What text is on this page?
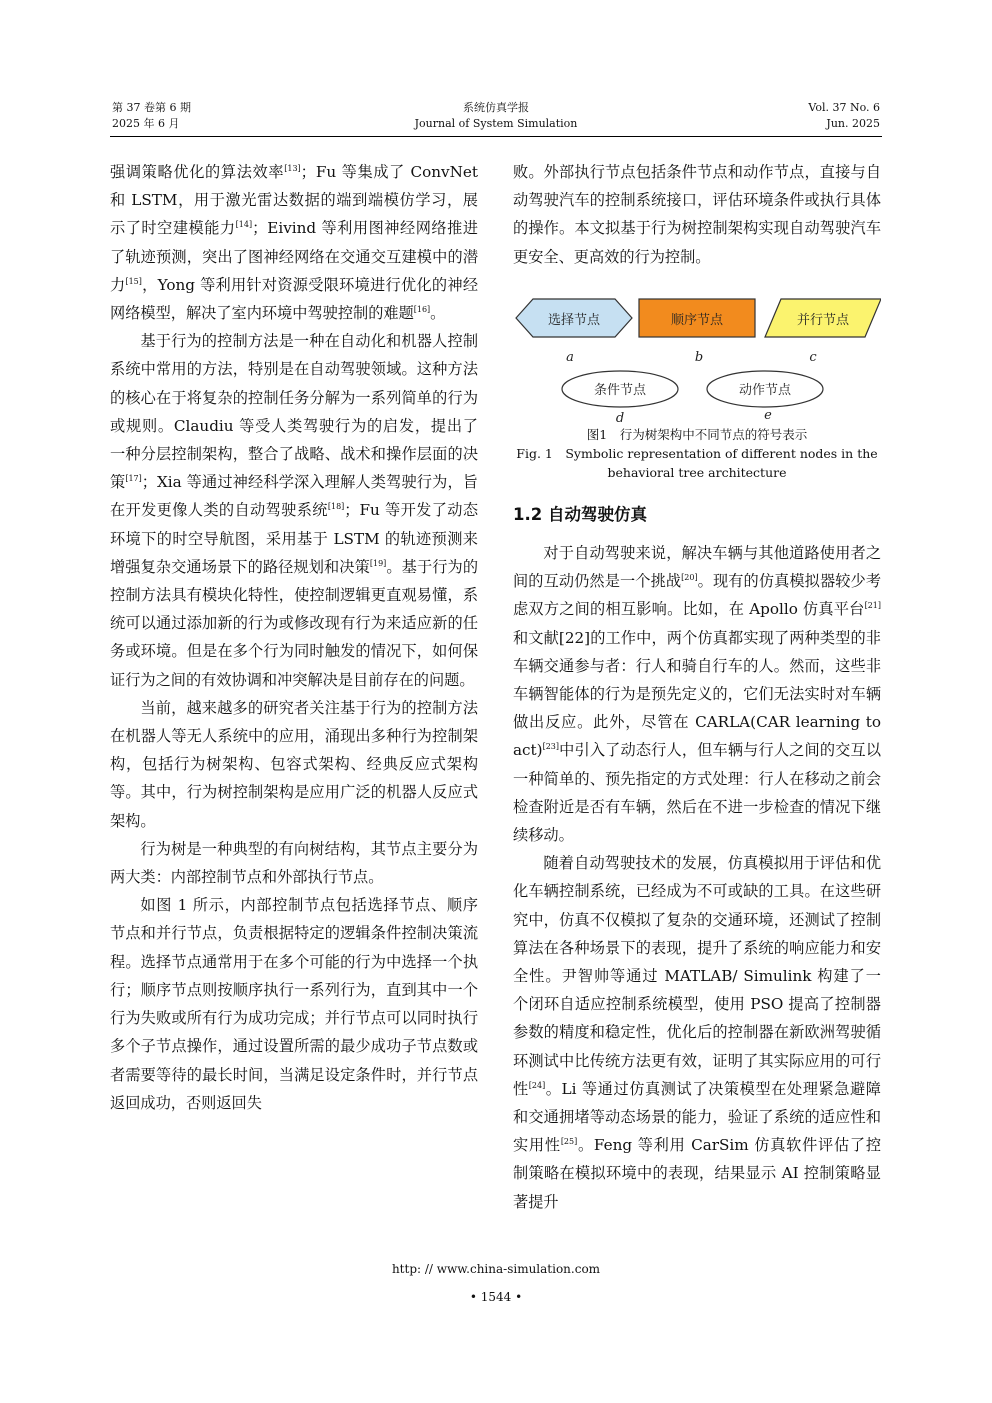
第 37 卷第 6 期
2025 年 6 月
系统仿真学报
Journal of System Simulation
Vol. 37 No. 6
Jun. 2025

强调策略优化的算法效率[13]；Fu 等集成了 ConvNet 和 LSTM，用于激光雷达数据的端到端模仿学习，展示了时空建模能力[14]；Eivind 等利用图神经网络推进了轨迹预测，突出了图神经网络在交通交互建模中的潜力[15]，Yong 等利用针对资源受限环境进行优化的神经网络模型，解决了室内环境中驾驶控制的难题[16]。

基于行为的控制方法是一种在自动化和机器人控制系统中常用的方法，特别是在自动驾驶领域。这种方法的核心在于将复杂的控制任务分解为一系列简单的行为或规则。Claudiu 等受人类驾驶行为的启发，提出了一种分层控制架构，整合了战略、战术和操作层面的决策[17]；Xia 等通过神经科学深入理解人类驾驶行为，旨在开发更像人类的自动驾驶系统[18]；Fu 等开发了动态环境下的时空导航图，采用基于 LSTM 的轨迹预测来增强复杂交通场景下的路径规划和决策[19]。基于行为的控制方法具有模块化特性，使控制逻辑更直观易懂，系统可以通过添加新的行为或修改现有行为来适应新的任务或环境。但是在多个行为同时触发的情况下，如何保证行为之间的有效协调和冲突解决是目前存在的问题。

当前，越来越多的研究者关注基于行为的控制方法在机器人等无人系统中的应用，涌现出多种行为控制架构，包括行为树架构、包容式架构、经典反应式架构等。其中，行为树控制架构是应用广泛的机器人反应式架构。

行为树是一种典型的有向树结构，其节点主要分为两大类：内部控制节点和外部执行节点。

如图 1 所示，内部控制节点包括选择节点、顺序节点和并行节点，负责根据特定的逻辑条件控制决策流程。选择节点通常用于在多个可能的行为中选择一个执行；顺序节点则按顺序执行一系列行为，直到其中一个行为失败或所有行为成功完成；并行节点可以同时执行多个子节点操作，通过设置所需的最少成功子节点数或者需要等待的最长时间，当满足设定条件时，并行节点返回成功，否则返回失

败。外部执行节点包括条件节点和动作节点，直接与自动驾驶汽车的控制系统接口，评估环境条件或执行具体的操作。本文拟基于行为树控制架构实现自动驾驶汽车更安全、更高效的行为控制。

选择节点	顺序节点	并行节点
a	b	c
条件节点	动作节点
d	e
图1　行为树架构中不同节点的符号表示
Fig. 1　Symbolic representation of different nodes in the
behavioral tree architecture
1.2 自动驾驶仿真

对于自动驾驶来说，解决车辆与其他道路使用者之间的互动仍然是一个挑战[20]。现有的仿真模拟器较少考虑双方之间的相互影响。比如，在 Apollo 仿真平台[21]和文献[22]的工作中，两个仿真都实现了两种类型的非车辆交通参与者：行人和骑自行车的人。然而，这些非车辆智能体的行为是预先定义的，它们无法实时对车辆做出反应。此外，尽管在 CARLA(CAR learning to act)[23]中引入了动态行人，但车辆与行人之间的交互以一种简单的、预先指定的方式处理：行人在移动之前会检查附近是否有车辆，然后在不进一步检查的情况下继续移动。

随着自动驾驶技术的发展，仿真模拟用于评估和优化车辆控制系统，已经成为不可或缺的工具。在这些研究中，仿真不仅模拟了复杂的交通环境，还测试了控制算法在各种场景下的表现，提升了系统的响应能力和安全性。尹智帅等通过 MATLAB/ Simulink 构建了一个闭环自适应控制系统模型，使用 PSO 提高了控制器参数的精度和稳定性，优化后的控制器在新欧洲驾驶循环测试中比传统方法更有效，证明了其实际应用的可行性[24]。Li 等通过仿真测试了决策模型在处理紧急避障和交通拥堵等动态场景的能力，验证了系统的适应性和实用性[25]。Feng 等利用 CarSim 仿真软件评估了控制策略在模拟环境中的表现，结果显示 AI 控制策略显著提升

http: // www.china-simulation.com
• 1544 •
